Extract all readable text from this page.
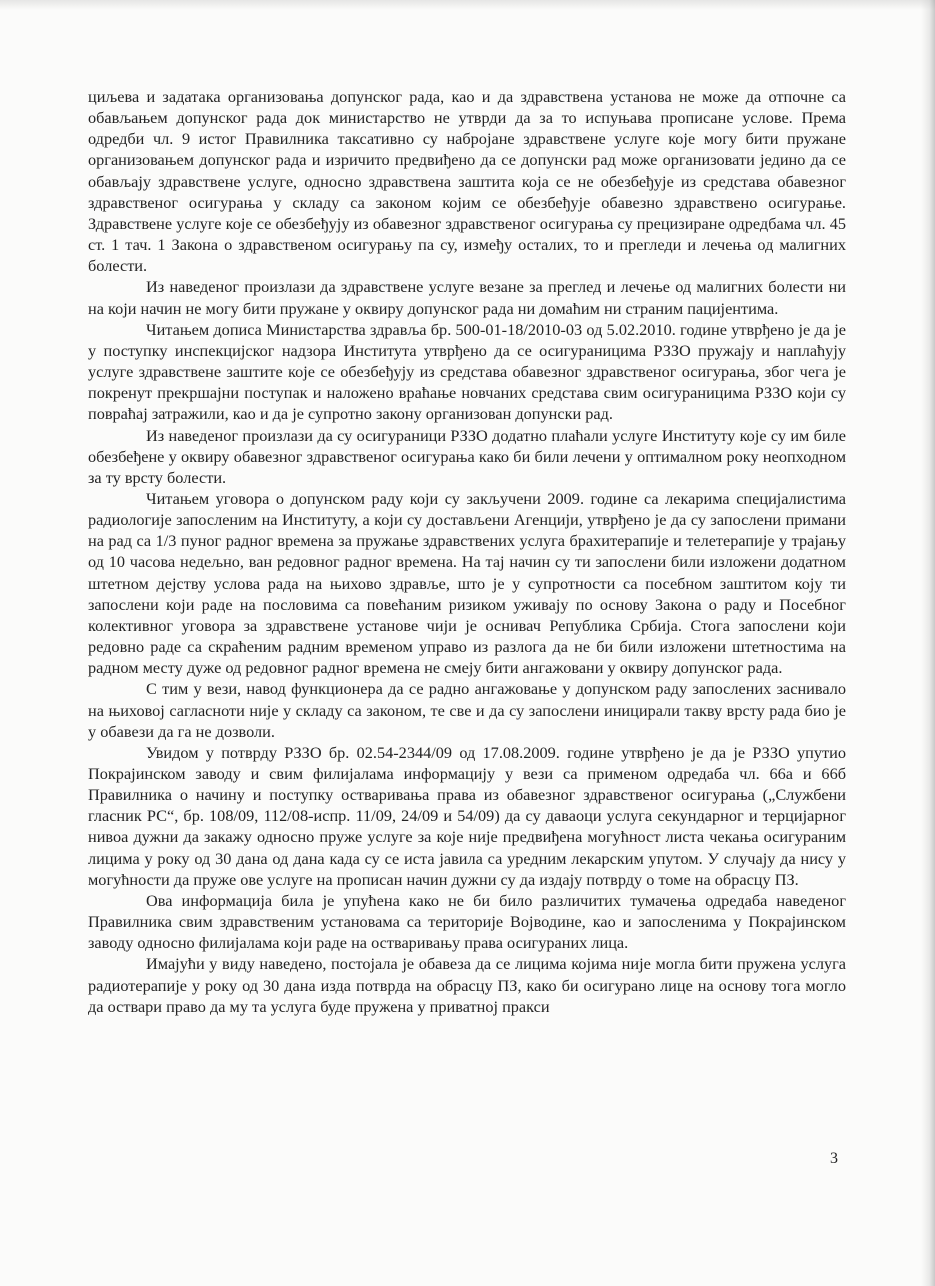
циљева и задатака организовања допунског рада, као и да здравствена установа не може да отпочне са обављањем допунског рада док министарство не утврди да за то испуњава прописане услове. Према одредби чл. 9 истог Правилника таксативно су набројане здравствене услуге које могу бити пружане организовањем допунског рада и изричито предвиђено да се допунски рад може организовати једино да се обављају здравствене услуге, односно здравствена заштита која се не обезбеђује из средстава обавезног здравственог осигурања у складу са законом којим се обезбеђује обавезно здравствено осигурање. Здравствене услуге које се обезбеђују из обавезног здравственог осигурања су прецизиране одредбама чл. 45 ст. 1 тач. 1 Закона о здравственом осигурању па су, између осталих, то и прегледи и лечења од малигних болести.

Из наведеног произлази да здравствене услуге везане за преглед и лечење од малигних болести ни на који начин не могу бити пружане у оквиру допунског рада ни домаћим ни страним пацијентима.

Читањем дописа Министарства здравља бр. 500-01-18/2010-03 од 5.02.2010. године утврђено је да је у поступку инспекцијског надзора Института утврђено да се осигураницима РЗЗО пружају и наплаћују услуге здравствене заштите које се обезбеђују из средстава обавезног здравственог осигурања, због чега је покренут прекршајни поступак и наложено враћање новчаних средстава свим осигураницима РЗЗО који су повраћај затражили, као и да је супротно закону организован допунски рад.

Из наведеног произлази да су осигураници РЗЗО додатно плаћали услуге Институту које су им биле обезбеђене у оквиру обавезног здравственог осигурања како би били лечени у оптималном року неопходном за ту врсту болести.

Читањем уговора о допунском раду који су закључени 2009. године са лекарима специјалистима радиологије запосленим на Институту, а који су достављени Агенцији, утврђено је да су запослени примани на рад са 1/3 пуног радног времена за пружање здравствених услуга брахитерапије и телетерапије у трајању од 10 часова недељно, ван редовног радног времена. На тај начин су ти запослени били изложени додатном штетном дејству услова рада на њихово здравље, што је у супротности са посебном заштитом коју ти запослени који раде на пословима са повећаним ризиком уживају по основу Закона о раду и Посебног колективног уговора за здравствене установе чији је оснивач Република Србија. Стога запослени који редовно раде са скраћеним радним временом управо из разлога да не би били изложени штетностима на радном месту дуже од редовног радног времена не смеју бити ангажовани у оквиру допунског рада.

С тим у вези, навод функционера да се радно ангажовање у допунском раду запослених заснивало на њиховој сагласноти није у складу са законом, те све и да су запослени иницирали такву врсту рада био је у обавези да га не дозволи.

Увидом у потврду РЗЗО бр. 02.54-2344/09 од 17.08.2009. године утврђено је да је РЗЗО упутио Покрајинском заводу и свим филијалама информацију у вези са применом одредаба чл. 66а и 66б Правилника о начину и поступку остваривања права из обавезног здравственог осигурања („Службени гласник РС“, бр. 108/09, 112/08-испр. 11/09, 24/09 и 54/09) да су даваоци услуга секундарног и терцијарног нивоа дужни да закажу односно пруже услуге за које није предвиђена могућност листа чекања осигураним лицима у року од 30 дана од дана када су се иста јавила са уредним лекарским упутом. У случају да нису у могућности да пруже ове услуге на прописан начин дужни су да издају потврду о томе на обрасцу ПЗ.

Ова информација била је упућена како не би било различитих тумачења одредаба наведеног Правилника свим здравственим установама са територије Војводине, као и запосленима у Покрајинском заводу односно филијалама који раде на остваривању права осигураних лица.

Имајући у виду наведено, постојала је обавеза да се лицима којима није могла бити пружена услуга радиотерапије у року од 30 дана изда потврда на обрасцу ПЗ, како би осигурано лице на основу тога могло да оствари право да му та услуга буде пружена у приватној пракси

3
